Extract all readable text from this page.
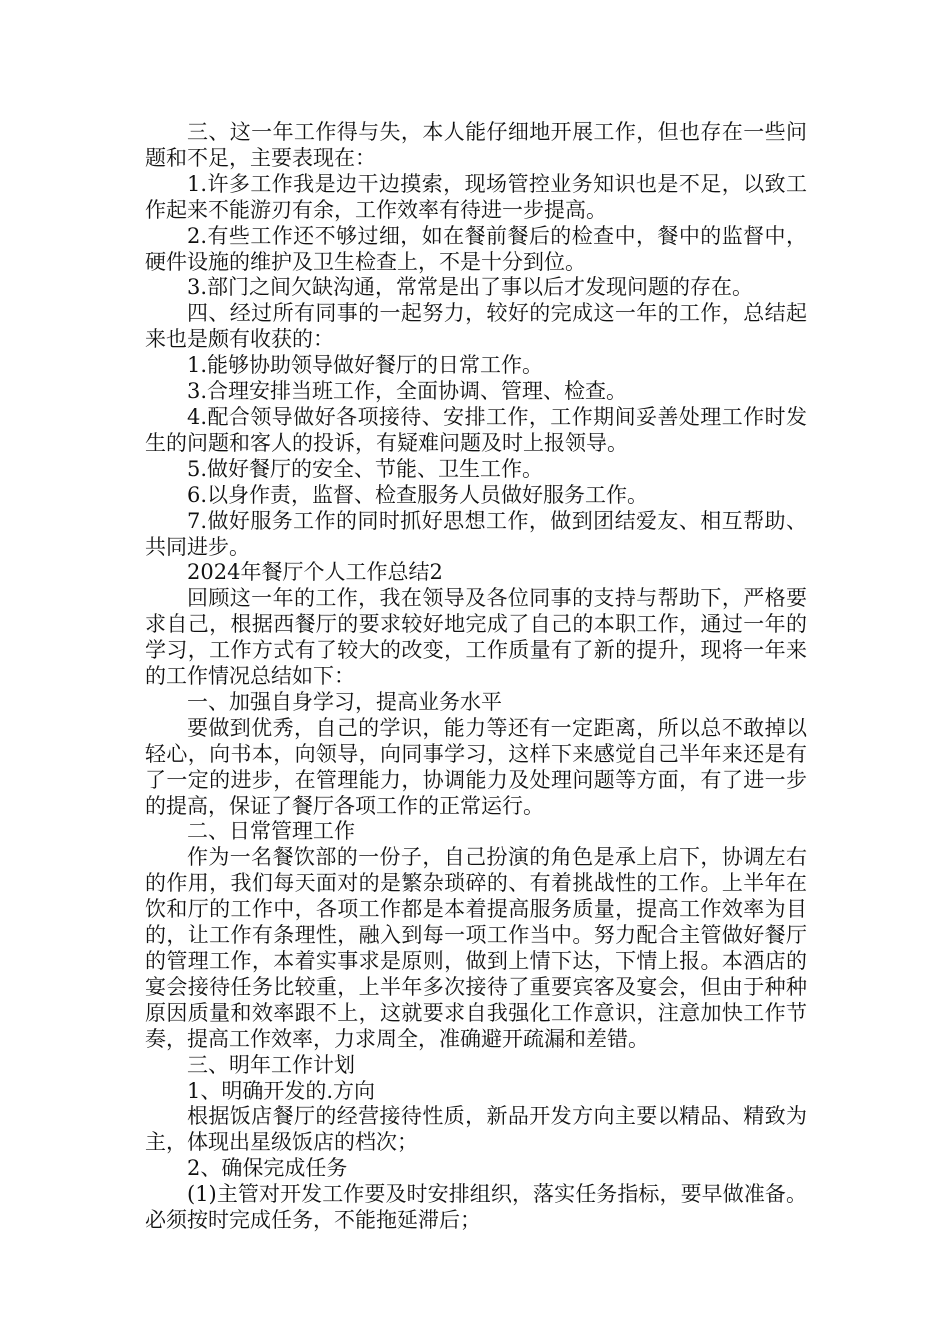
三、这一年工作得与失，本人能仔细地开展工作，但也存在一些问题和不足，主要表现在：

1.许多工作我是边干边摸索，现场管控业务知识也是不足，以致工作起来不能游刃有余，工作效率有待进一步提高。

2.有些工作还不够过细，如在餐前餐后的检查中，餐中的监督中，硬件设施的维护及卫生检查上，不是十分到位。

3.部门之间欠缺沟通，常常是出了事以后才发现问题的存在。

四、经过所有同事的一起努力，较好的完成这一年的工作，总结起来也是颇有收获的：

1.能够协助领导做好餐厅的日常工作。

3.合理安排当班工作，全面协调、管理、检查。

4.配合领导做好各项接待、安排工作，工作期间妥善处理工作时发生的问题和客人的投诉，有疑难问题及时上报领导。

5.做好餐厅的安全、节能、卫生工作。

6.以身作责，监督、检查服务人员做好服务工作。

7.做好服务工作的同时抓好思想工作，做到团结爱友、相互帮助、共同进步。

2024年餐厅个人工作总结2

回顾这一年的工作，我在领导及各位同事的支持与帮助下，严格要求自己，根据西餐厅的要求较好地完成了自己的本职工作，通过一年的学习，工作方式有了较大的改变，工作质量有了新的提升，现将一年来的工作情况总结如下：

一、加强自身学习，提高业务水平

要做到优秀，自己的学识，能力等还有一定距离，所以总不敢掉以轻心，向书本，向领导，向同事学习，这样下来感觉自己半年来还是有了一定的进步，在管理能力，协调能力及处理问题等方面，有了进一步的提高，保证了餐厅各项工作的正常运行。

二、日常管理工作

作为一名餐饮部的一份子，自己扮演的角色是承上启下，协调左右的作用，我们每天面对的是繁杂琐碎的、有着挑战性的工作。上半年在饮和厅的工作中，各项工作都是本着提高服务质量，提高工作效率为目的，让工作有条理性，融入到每一项工作当中。努力配合主管做好餐厅的管理工作，本着实事求是原则，做到上情下达，下情上报。本酒店的宴会接待任务比较重，上半年多次接待了重要宾客及宴会，但由于种种原因质量和效率跟不上，这就要求自我强化工作意识，注意加快工作节奏，提高工作效率，力求周全，准确避开疏漏和差错。

三、明年工作计划

1、明确开发的.方向

根据饭店餐厅的经营接待性质，新品开发方向主要以精品、精致为主，体现出星级饭店的档次；

2、确保完成任务

(1)主管对开发工作要及时安排组织，落实任务指标，要早做准备。必须按时完成任务，不能拖延滞后；
